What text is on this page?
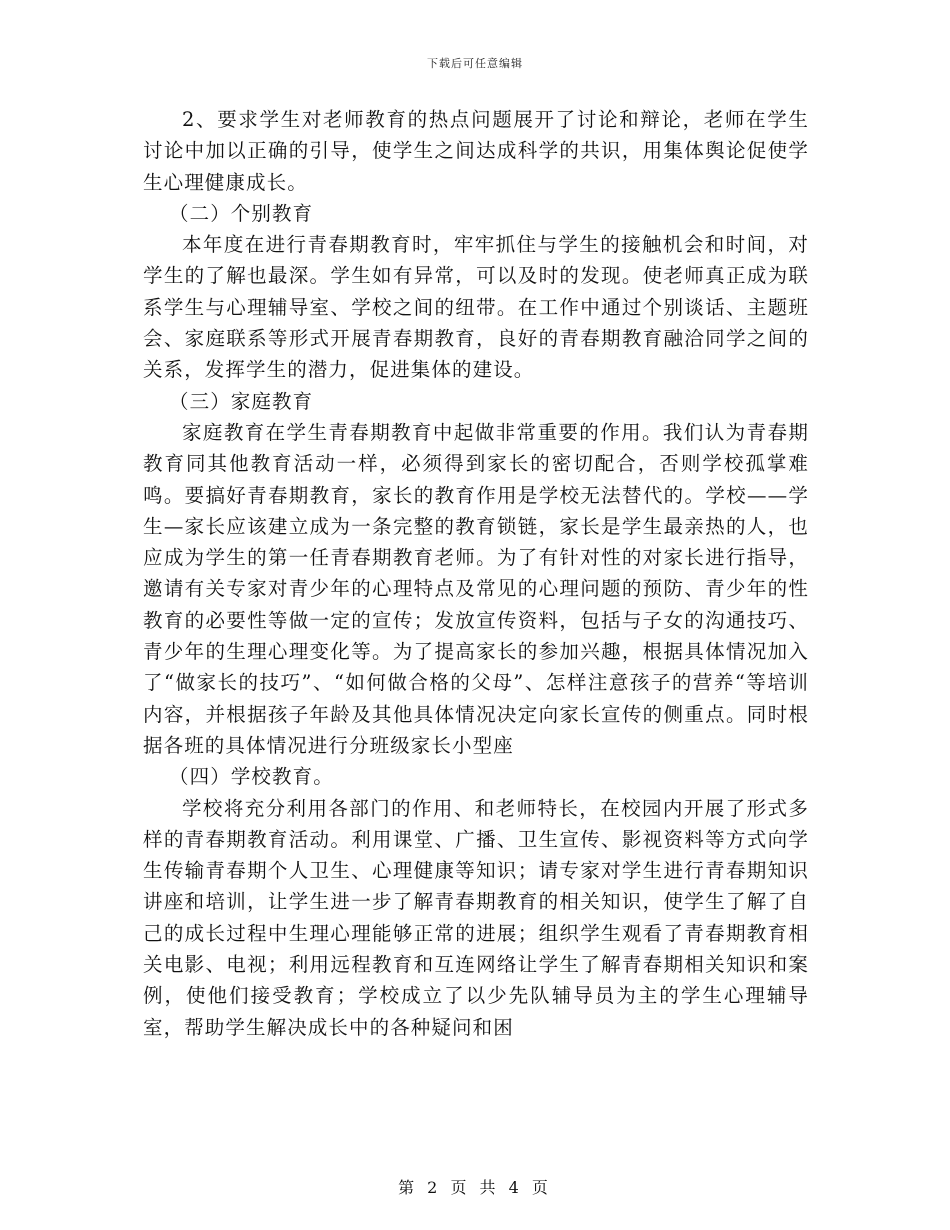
下载后可任意编辑

2、要求学生对老师教育的热点问题展开了讨论和辩论，老师在学生讨论中加以正确的引导，使学生之间达成科学的共识，用集体舆论促使学生心理健康成长。

（二）个别教育

本年度在进行青春期教育时，牢牢抓住与学生的接触机会和时间，对学生的了解也最深。学生如有异常，可以及时的发现。使老师真正成为联系学生与心理辅导室、学校之间的纽带。在工作中通过个别谈话、主题班会、家庭联系等形式开展青春期教育，良好的青春期教育融洽同学之间的关系，发挥学生的潜力，促进集体的建设。

（三）家庭教育

家庭教育在学生青春期教育中起做非常重要的作用。我们认为青春期教育同其他教育活动一样，必须得到家长的密切配合，否则学校孤掌难鸣。要搞好青春期教育，家长的教育作用是学校无法替代的。学校——学生—家长应该建立成为一条完整的教育锁链，家长是学生最亲热的人，也应成为学生的第一任青春期教育老师。为了有针对性的对家长进行指导，邀请有关专家对青少年的心理特点及常见的心理问题的预防、青少年的性教育的必要性等做一定的宣传；发放宣传资料，包括与子女的沟通技巧、青少年的生理心理变化等。为了提高家长的参加兴趣，根据具体情况加入了“做家长的技巧”、“如何做合格的父母”、怎样注意孩子的营养“等培训内容，并根据孩子年龄及其他具体情况决定向家长宣传的侧重点。同时根据各班的具体情况进行分班级家长小型座

（四）学校教育。

学校将充分利用各部门的作用、和老师特长，在校园内开展了形式多样的青春期教育活动。利用课堂、广播、卫生宣传、影视资料等方式向学生传输青春期个人卫生、心理健康等知识；请专家对学生进行青春期知识讲座和培训，让学生进一步了解青春期教育的相关知识，使学生了解了自己的成长过程中生理心理能够正常的进展；组织学生观看了青春期教育相关电影、电视；利用远程教育和互连网络让学生了解青春期相关知识和案例，使他们接受教育；学校成立了以少先队辅导员为主的学生心理辅导室，帮助学生解决成长中的各种疑问和困

第 2 页 共 4 页
